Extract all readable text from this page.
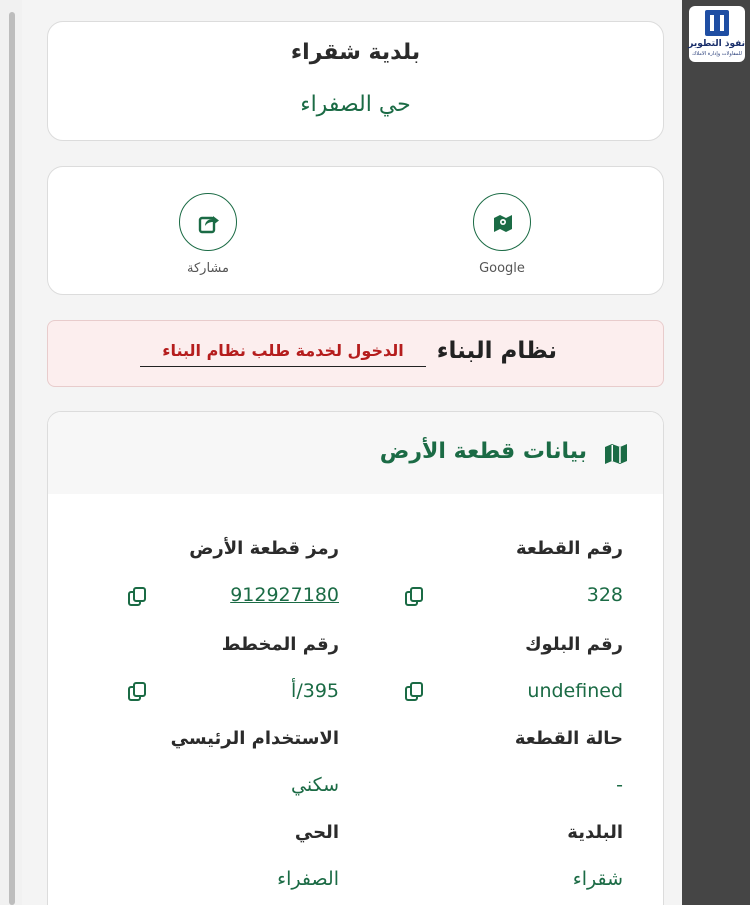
نفوذ التطوير
للمقاولات وإدارة الأملاك
بلدية شقراء
حي الصفراء
Google
مشاركة
نظام البناء
الدخول لخدمة طلب نظام البناء
بيانات قطعة الأرض
رقم القطعة
رمز قطعة الأرض
328
912927180
رقم البلوك
رقم المخطط
undefined
395/أ
حالة القطعة
الاستخدام الرئيسي
-
سكني
البلدية
الحي
شقراء
الصفراء
